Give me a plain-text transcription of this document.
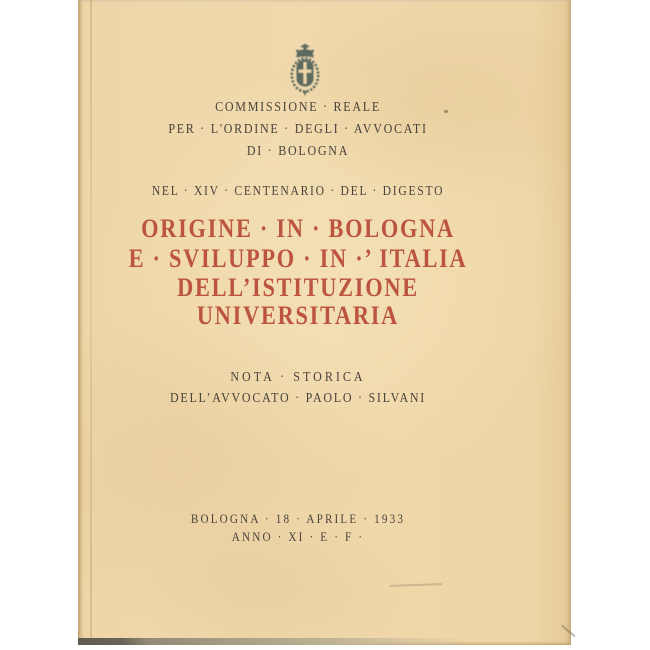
COMMISSIONE · REALE
PER · L'ORDINE · DEGLI · AVVOCATI
DI · BOLOGNA
NEL · XIV · CENTENARIO · DEL · DIGESTO
ORIGINE · IN · BOLOGNA
E · SVILUPPO · IN ·’ ITALIA
DELL’ISTITUZIONE
UNIVERSITARIA
NOTA · STORICA
DELL’AVVOCATO · PAOLO · SILVANI
BOLOGNA · 18 · APRILE · 1933
ANNO · XI · E · F ·
